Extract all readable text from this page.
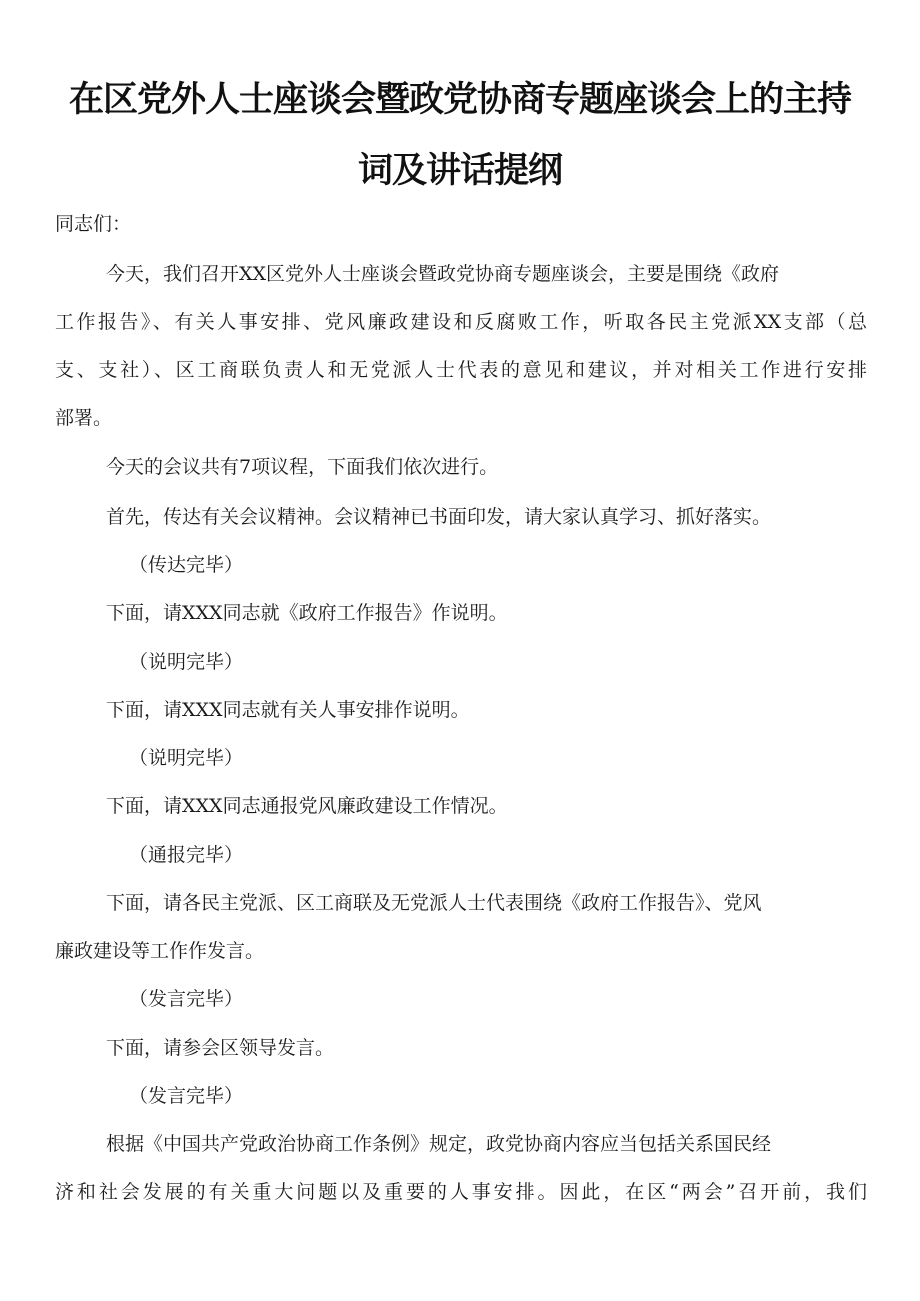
在区党外人士座谈会暨政党协商专题座谈会上的主持
词及讲话提纲
同志们：
今天，我们召开XX区党外人士座谈会暨政党协商专题座谈会，主要是围绕《政府
工作报告》、有关人事安排、党风廉政建设和反腐败工作，听取各民主党派XX支部（总
支、支社）、区工商联负责人和无党派人士代表的意见和建议，并对相关工作进行安排
部署。
今天的会议共有7项议程，下面我们依次进行。
首先，传达有关会议精神。会议精神已书面印发，请大家认真学习、抓好落实。
（传达完毕）
下面，请XXX同志就《政府工作报告》作说明。
（说明完毕）
下面，请XXX同志就有关人事安排作说明。
（说明完毕）
下面，请XXX同志通报党风廉政建设工作情况。
（通报完毕）
下面，请各民主党派、区工商联及无党派人士代表围绕《政府工作报告》、党风
廉政建设等工作作发言。
（发言完毕）
下面，请参会区领导发言。
（发言完毕）
根据《中国共产党政治协商工作条例》规定，政党协商内容应当包括关系国民经
济和社会发展的有关重大问题以及重要的人事安排。因此，在区“两会”召开前，我们
